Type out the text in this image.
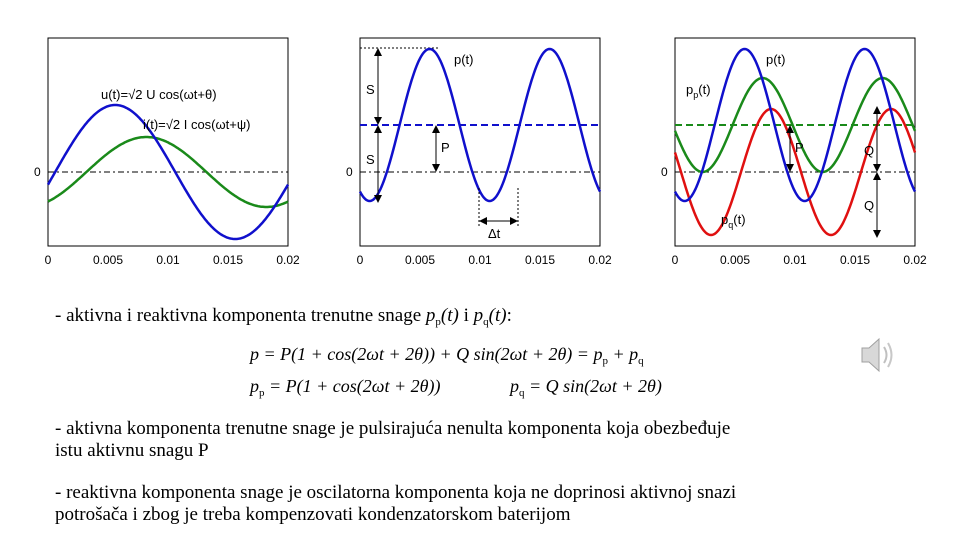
0
u(t)=√2 U cos(ωt+θ)
i(t)=√2 I cos(ωt+ψ)
0	0.005	0.01	0.015	0.02
S
S
P
Δt
p(t)
0
0	0.005	0.01	0.015	0.02
P	Q
Q
p(t)
$p_p(t)$
$p_q(t)$
0
0	0.005	0.01	0.015	0.02
- aktivna i reaktivna komponenta trenutne snage $p_p(t)$ i $p_q(t)$:
p = P(1 + cos(2ωt + 2θ)) + Q $\sin(2\omega t + 2\theta) = p_p + p_q$
$p_p = P(1 + \cos(2\omega t + 2\theta))$	$p_q = Q$ sin(2ωt + 2θ)
- aktivna komponenta trenutne snage je pulsirajuća nenulta komponenta koja obezbeđuje
istu aktivnu snagu P
- reaktivna komponenta snage je oscilatorna komponenta koja ne doprinosi aktivnoj snazi
potrošača i zbog je treba kompenzovati kondenzatorskom baterijom
